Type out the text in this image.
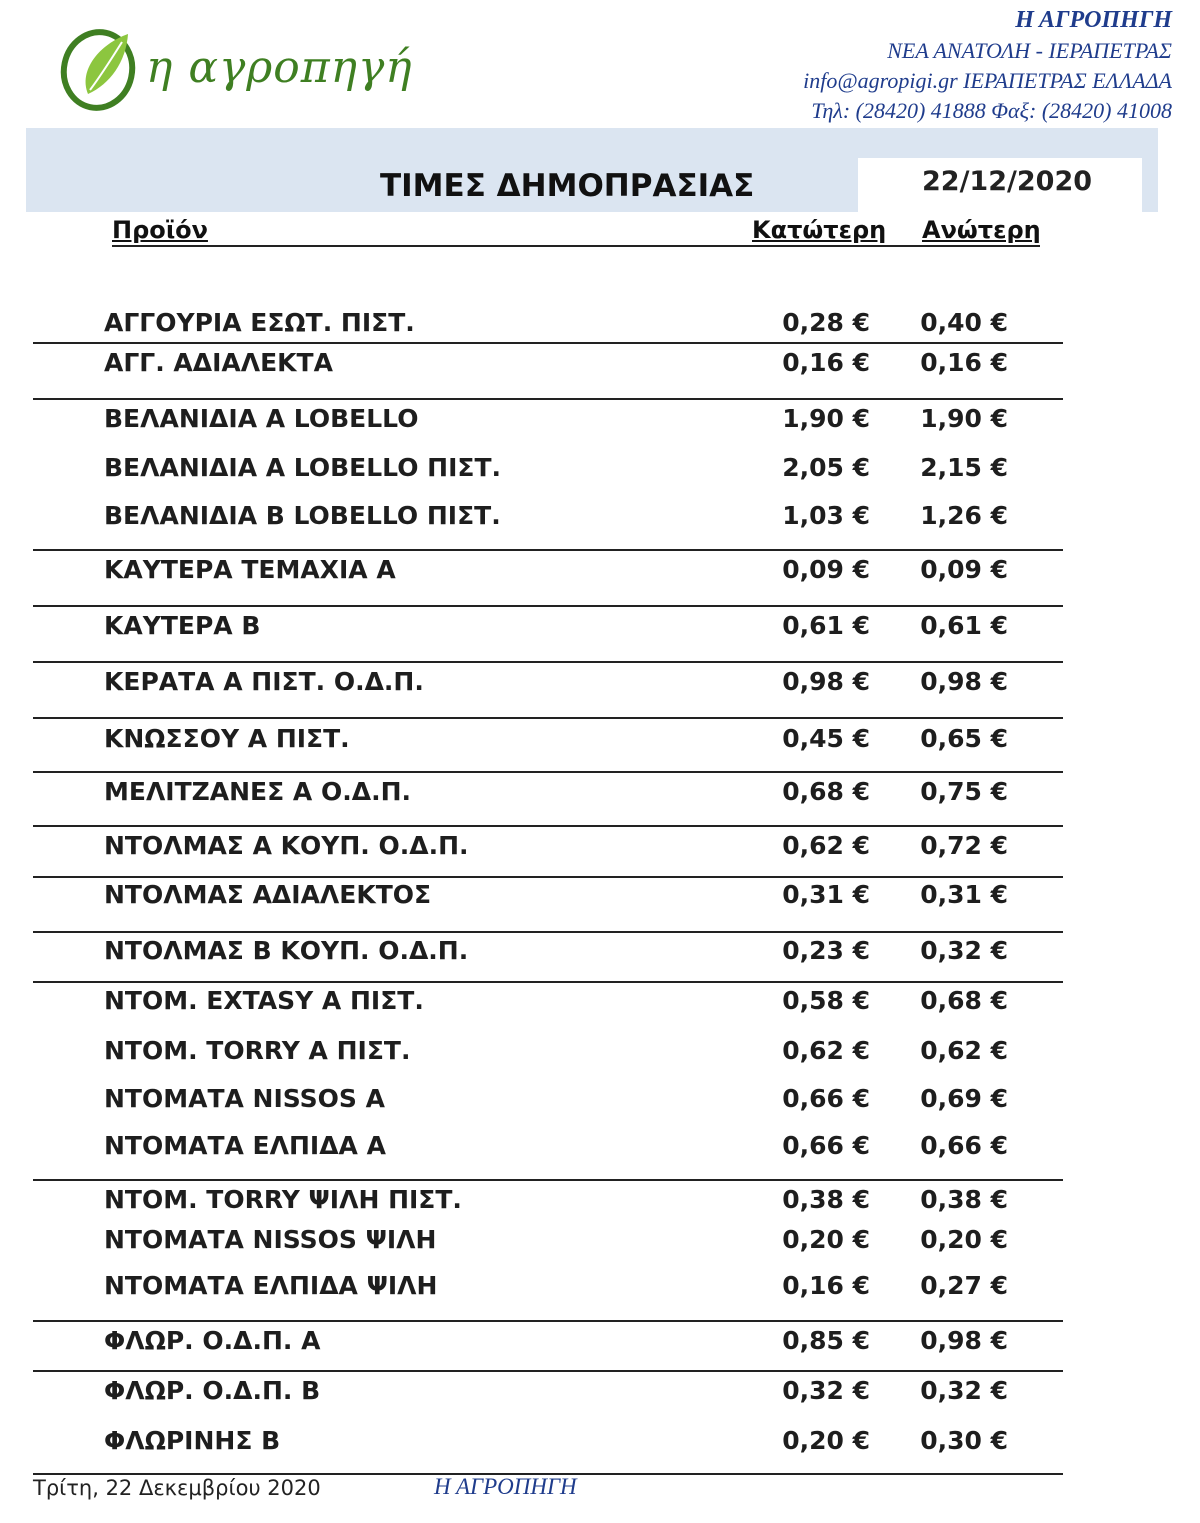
η αγροπηγή
Η ΑΓΡΟΠΗΓΗ
ΝΕΑ ΑΝΑΤΟΛΗ - ΙΕΡΑΠΕΤΡΑΣ
info@agropigi.gr ΙΕΡΑΠΕΤΡΑΣ ΕΛΛΑΔΑ
Τηλ: (28420) 41888 Φαξ: (28420) 41008
ΤΙΜΕΣ ΔΗΜΟΠΡΑΣΙΑΣ	22/12/2020
Προϊόν	Κατώτερη Ανώτερη
ΑΓΓΟΥΡΙΑ ΕΣΩΤ. ΠΙΣΤ.	0,28 € 0,40 €
ΑΓΓ. ΑΔΙΑΛΕΚΤΑ	0,16 € 0,16 €
ΒΕΛΑΝΙΔΙΑ Α LOBELLO	1,90 € 1,90 €
ΒΕΛΑΝΙΔΙΑ Α LOBELLO ΠΙΣΤ.	2,05 € 2,15 €
ΒΕΛΑΝΙΔΙΑ Β LOBELLO ΠΙΣΤ.	1,03 € 1,26 €
ΚΑΥΤΕΡΑ ΤΕΜΑΧΙΑ Α	0,09 € 0,09 €
ΚΑΥΤΕΡΑ Β	0,61 € 0,61 €
ΚΕΡΑΤΑ Α ΠΙΣΤ. Ο.Δ.Π.	0,98 € 0,98 €
ΚΝΩΣΣΟΥ Α ΠΙΣΤ.	0,45 € 0,65 €
ΜΕΛΙΤΖΑΝΕΣ Α Ο.Δ.Π.	0,68 € 0,75 €
ΝΤΟΛΜΑΣ Α ΚΟΥΠ. Ο.Δ.Π.	0,62 € 0,72 €
ΝΤΟΛΜΑΣ ΑΔΙΑΛΕΚΤΟΣ	0,31 € 0,31 €
ΝΤΟΛΜΑΣ Β ΚΟΥΠ. Ο.Δ.Π.	0,23 € 0,32 €
ΝΤΟΜ. EXTASY Α ΠΙΣΤ.	0,58 € 0,68 €
ΝΤΟΜ. TORRY Α ΠΙΣΤ.	0,62 € 0,62 €
ΝΤΟΜΑΤΑ NISSOS Α	0,66 € 0,69 €
ΝΤΟΜΑΤΑ ΕΛΠΙΔΑ Α	0,66 € 0,66 €
ΝΤΟΜ. TORRY ΨΙΛΗ ΠΙΣΤ.	0,38 € 0,38 €
ΝΤΟΜΑΤΑ NISSOS ΨΙΛΗ	0,20 € 0,20 €
ΝΤΟΜΑΤΑ ΕΛΠΙΔΑ ΨΙΛΗ	0,16 € 0,27 €
ΦΛΩΡ. Ο.Δ.Π. Α	0,85 € 0,98 €
ΦΛΩΡ. Ο.Δ.Π. Β	0,32 € 0,32 €
ΦΛΩΡΙΝΗΣ Β	0,20 € 0,30 €
Τρίτη, 22 Δεκεμβρίου 2020	Η ΑΓΡΟΠΗΓΗ
